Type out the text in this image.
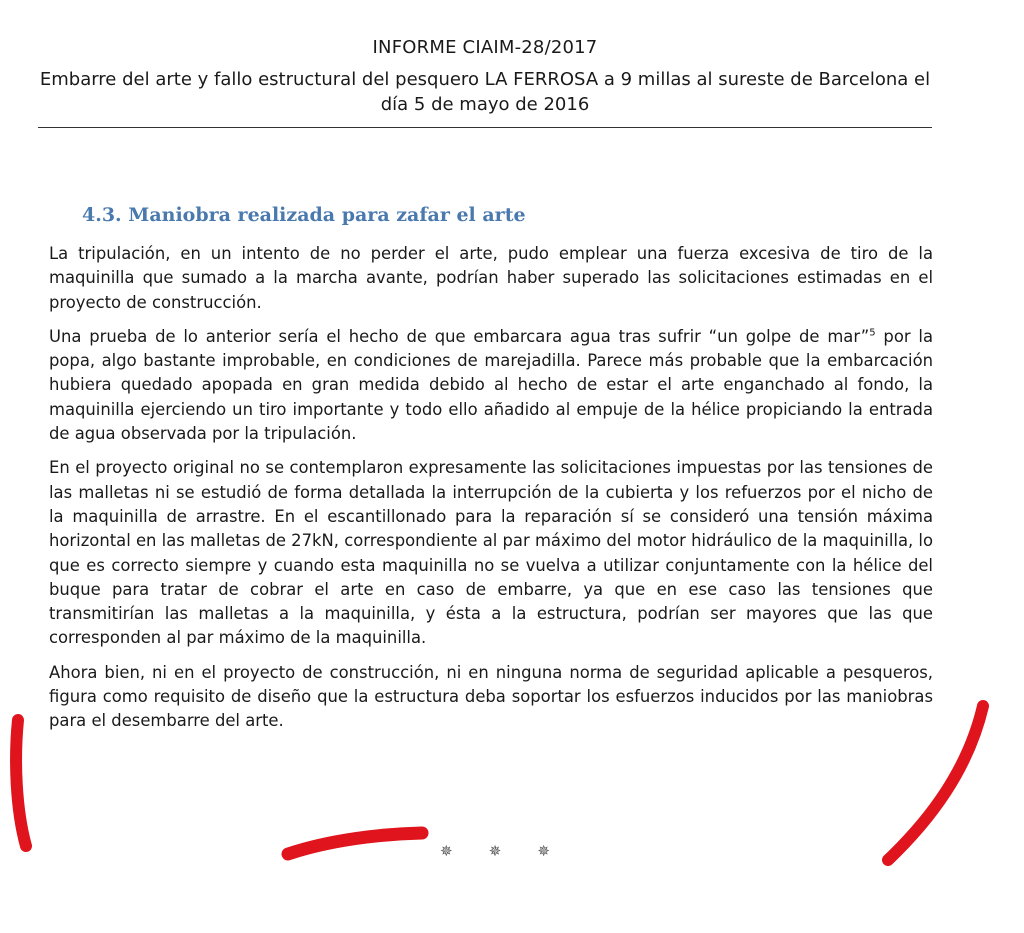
INFORME CIAIM-28/2017
Embarre del arte y fallo estructural del pesquero LA FERROSA a 9 millas al sureste de Barcelona el día 5 de mayo de 2016
4.3. Maniobra realizada para zafar el arte

La tripulación, en un intento de no perder el arte, pudo emplear una fuerza excesiva de tiro de la maquinilla que sumado a la marcha avante, podrían haber superado las solicitaciones estimadas en el proyecto de construcción.

Una prueba de lo anterior sería el hecho de que embarcara agua tras sufrir “un golpe de mar”$^5$ por la popa, algo bastante improbable, en condiciones de marejadilla. Parece más probable que la embarcación hubiera quedado apopada en gran medida debido al hecho de estar el arte enganchado al fondo, la maquinilla ejerciendo un tiro importante y todo ello añadido al empuje de la hélice propiciando la entrada de agua observada por la tripulación.

En el proyecto original no se contemplaron expresamente las solicitaciones impuestas por las tensiones de las malletas ni se estudió de forma detallada la interrupción de la cubierta y los refuerzos por el nicho de la maquinilla de arrastre. En el escantillonado para la reparación sí se consideró una tensión máxima horizontal en las malletas de 27kN, correspondiente al par máximo del motor hidráulico de la maquinilla, lo que es correcto siempre y cuando esta maquinilla no se vuelva a utilizar conjuntamente con la hélice del buque para tratar de cobrar el arte en caso de embarre, ya que en ese caso las tensiones que transmitirían las malletas a la maquinilla, y ésta a la estructura, podrían ser mayores que las que corresponden al par máximo de la maquinilla.

Ahora bien, ni en el proyecto de construcción, ni en ninguna norma de seguridad aplicable a pesqueros, figura como requisito de diseño que la estructura deba soportar los esfuerzos inducidos por las maniobras para el desembarre del arte.

✵ ✵ ✵
